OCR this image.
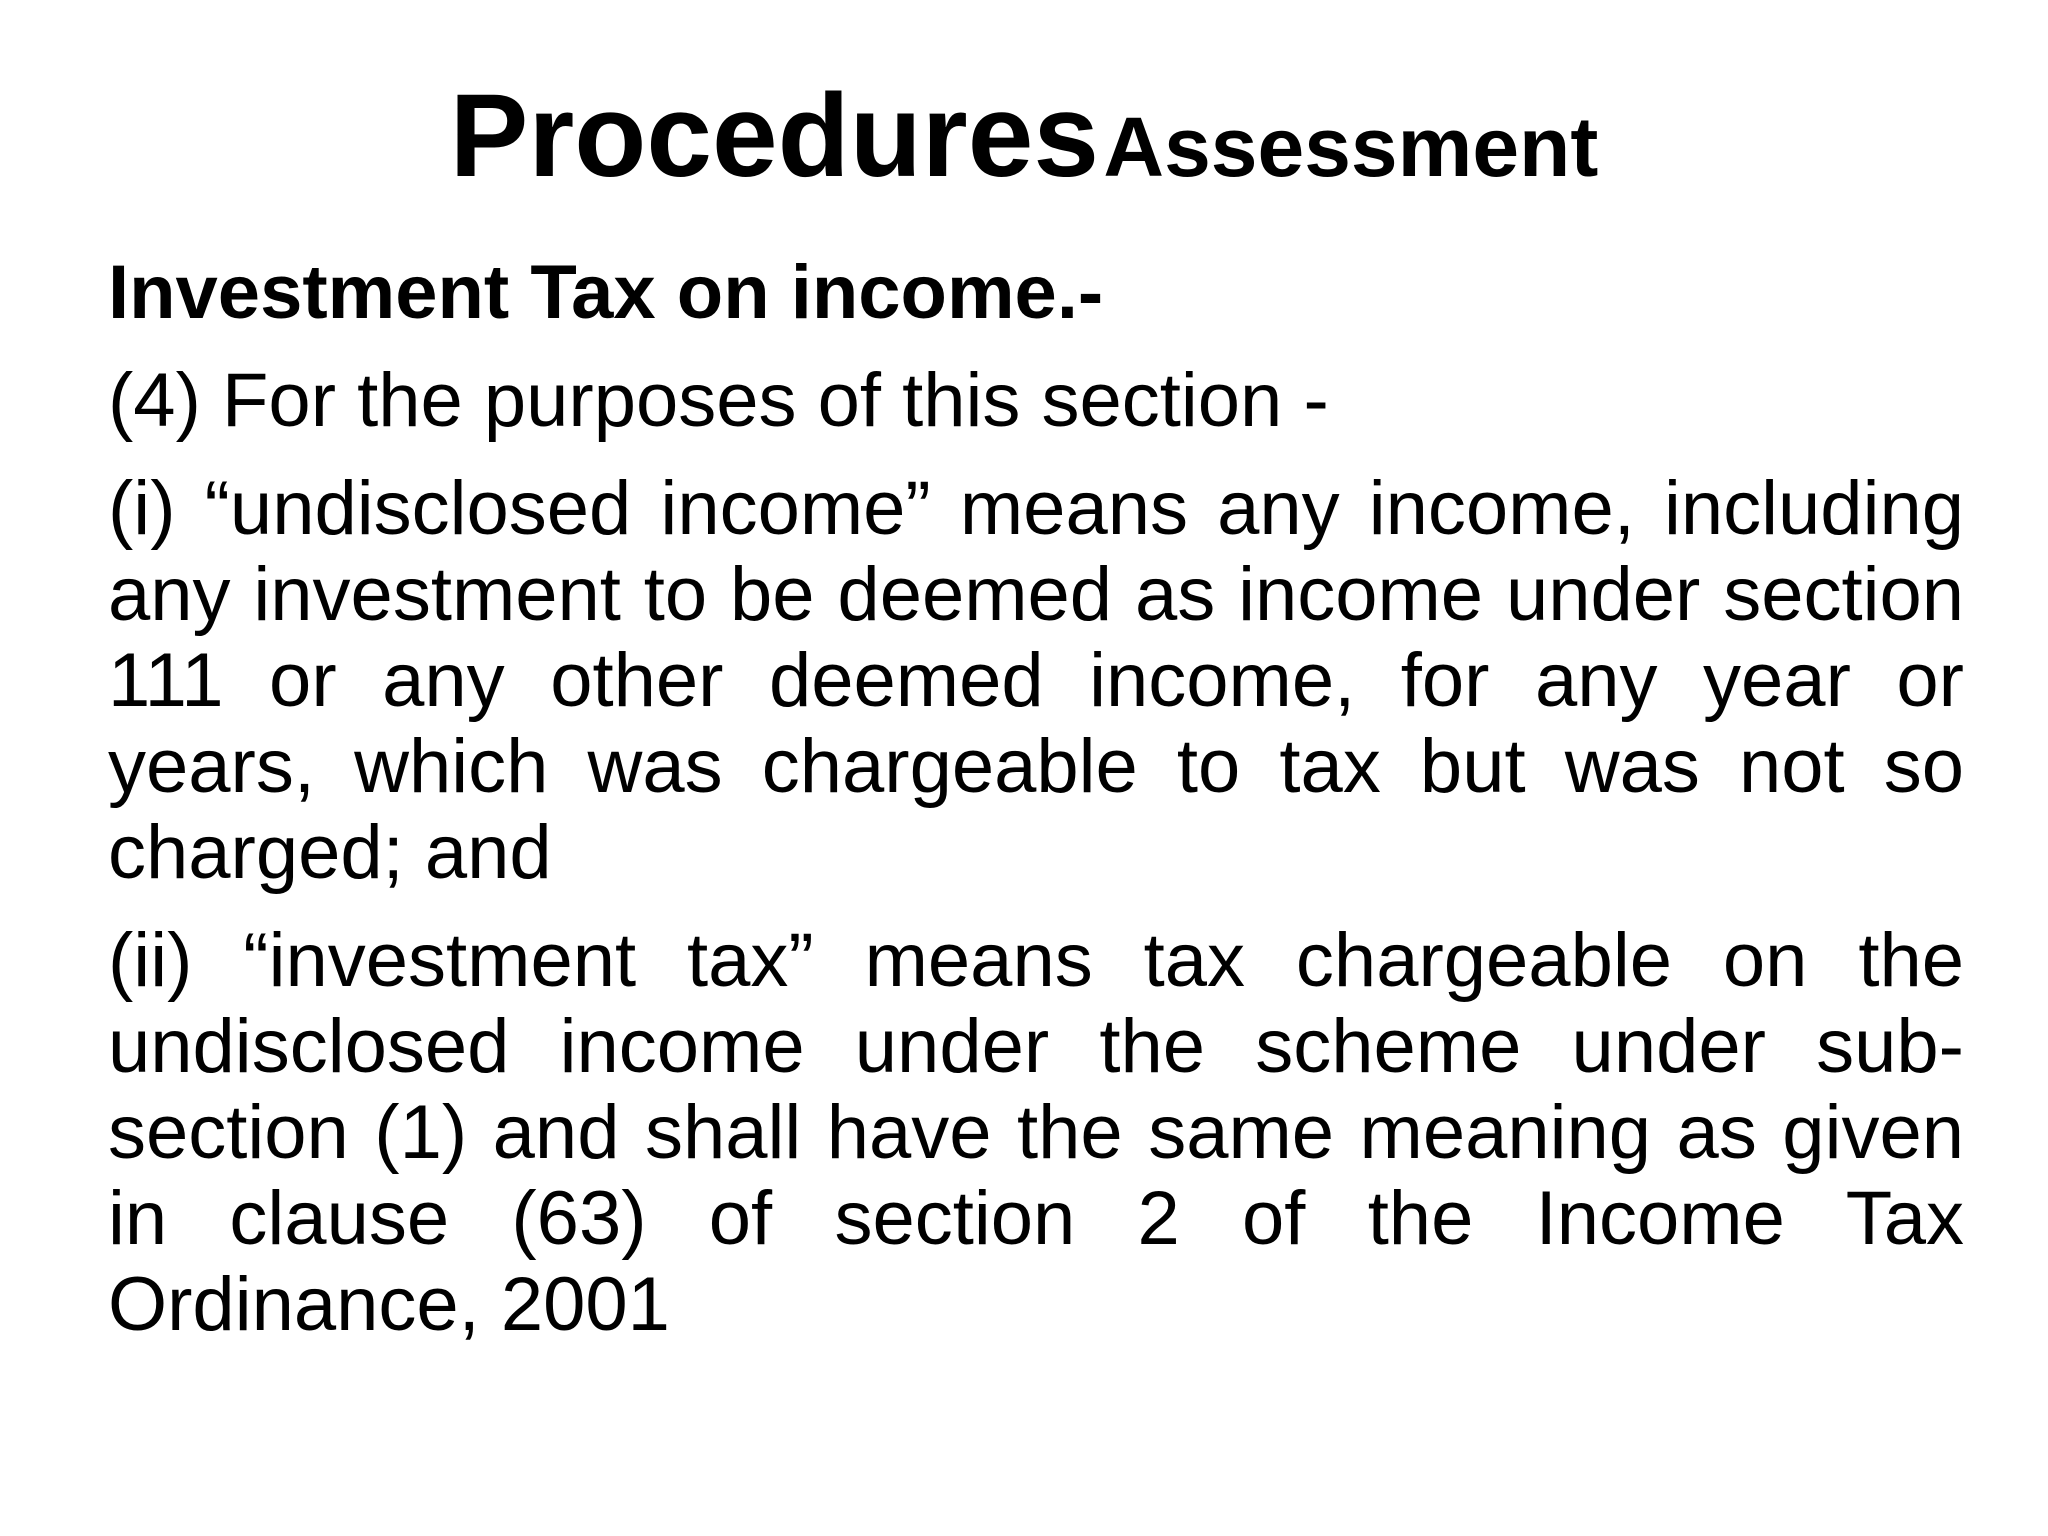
Procedures Assessment
Investment Tax on income.-
(4) For the purposes of this section -
(i) “undisclosed income” means any income, including any investment to be deemed as income under section 111 or any other deemed income, for any year or years, which was chargeable to tax but was not so charged; and
(ii) “investment tax” means tax chargeable on the undisclosed income under the scheme under sub-section (1) and shall have the same meaning as given in clause (63) of section 2 of the Income Tax Ordinance, 2001
